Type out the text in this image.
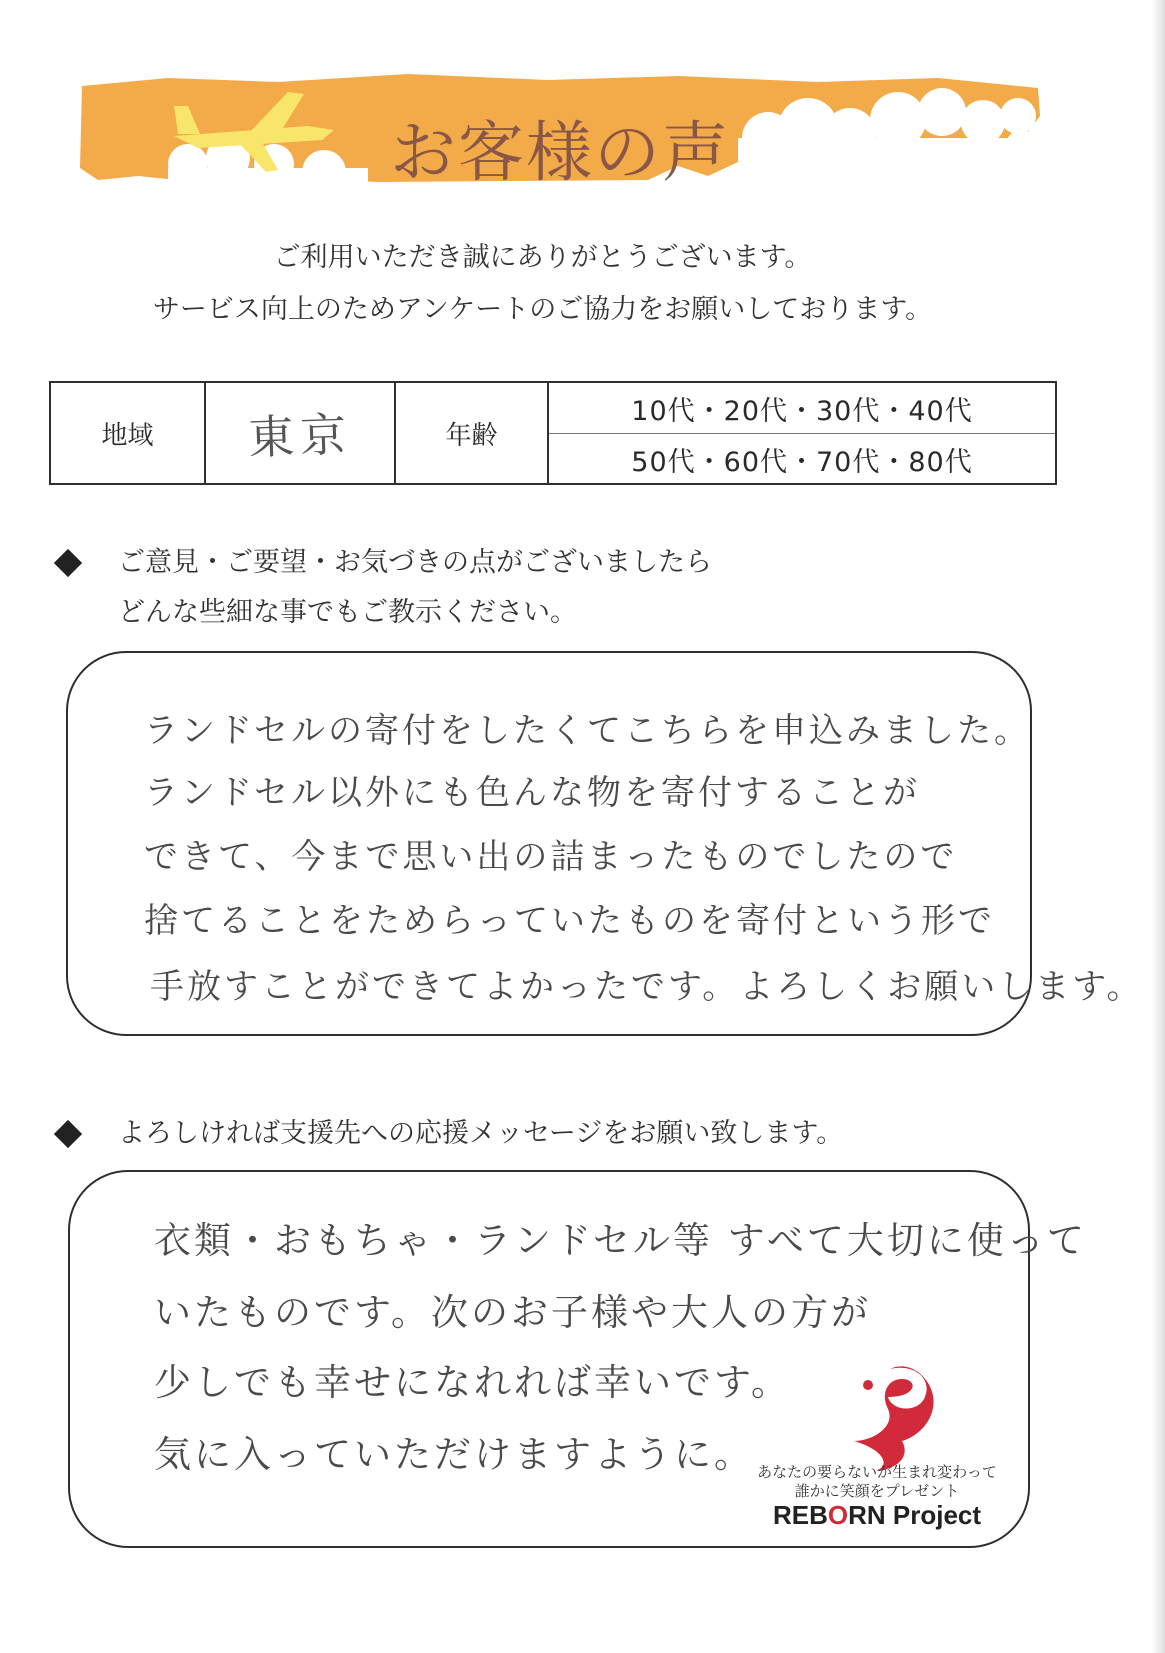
お客様の声
ご利用いただき誠にありがとうございます。
サービス向上のためアンケートのご協力をお願いしております。
地域	東京	年齢
10代・20代・30代・40代
50代・60代・70代・80代
ご意見・ご要望・お気づきの点がございましたら
どんな些細な事でもご教示ください。
ランドセルの寄付をしたくてこちらを申込みました。
ランドセル以外にも色んな物を寄付することが
できて、今まで思い出の詰まったものでしたので
捨てることをためらっていたものを寄付という形で
手放すことができてよかったです。よろしくお願いします。
よろしければ支援先への応援メッセージをお願い致します。
衣類・おもちゃ・ランドセル等 すべて大切に使って
いたものです。次のお子様や大人の方が
少しでも幸せになれれば幸いです。
気に入っていただけますように。 あなたの要らないが生まれ変わって
誰かに笑顔をプレゼント
REBORN Project
